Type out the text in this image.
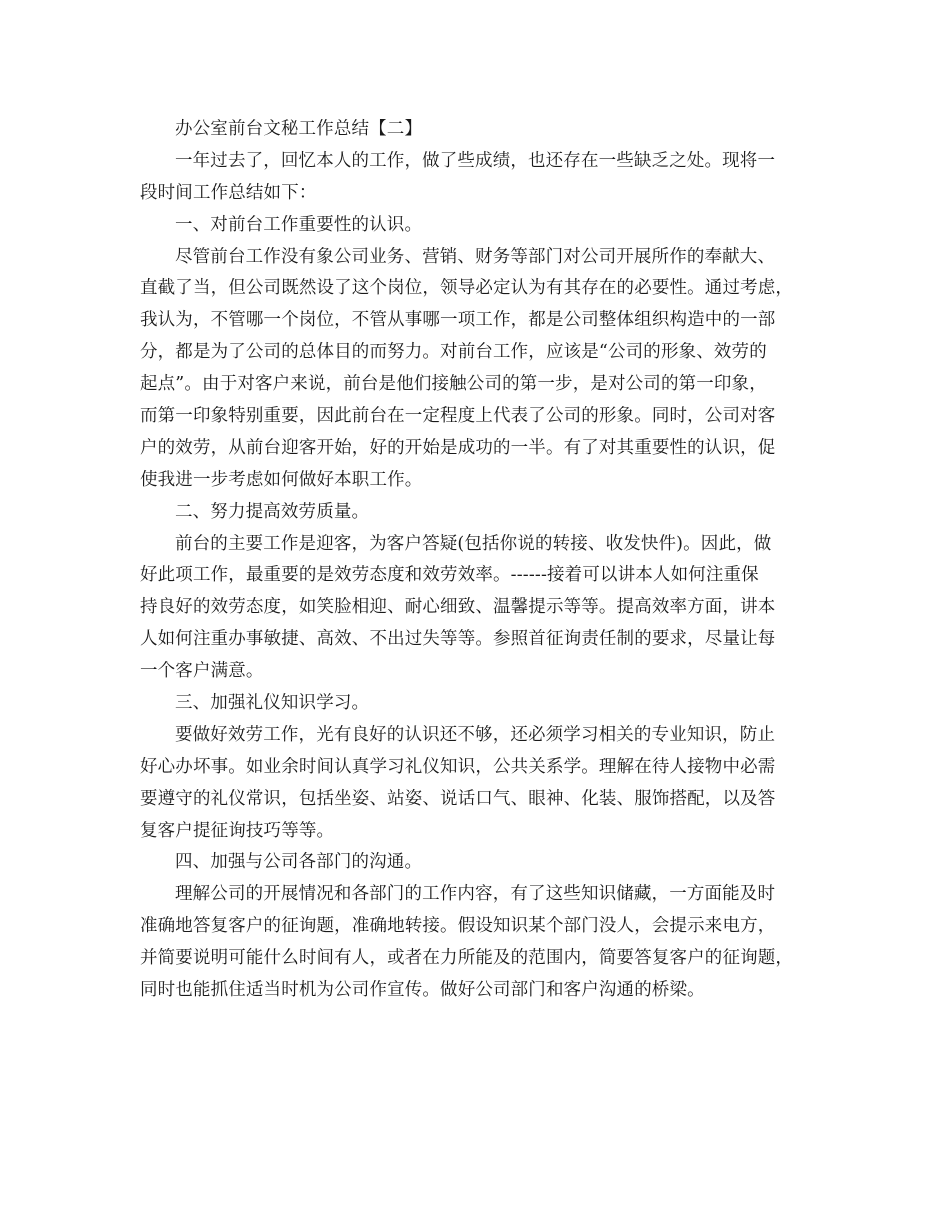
办公室前台文秘工作总结【二】
一年过去了，回忆本人的工作，做了些成绩，也还存在一些缺乏之处。现将一
段时间工作总结如下：
一、对前台工作重要性的认识。
尽管前台工作没有象公司业务、营销、财务等部门对公司开展所作的奉献大、
直截了当，但公司既然设了这个岗位，领导必定认为有其存在的必要性。通过考虑，
我认为，不管哪一个岗位，不管从事哪一项工作，都是公司整体组织构造中的一部
分，都是为了公司的总体目的而努力。对前台工作，应该是“公司的形象、效劳的
起点”。由于对客户来说，前台是他们接触公司的第一步，是对公司的第一印象，
而第一印象特别重要，因此前台在一定程度上代表了公司的形象。同时，公司对客
户的效劳，从前台迎客开始，好的开始是成功的一半。有了对其重要性的认识，促
使我进一步考虑如何做好本职工作。
二、努力提高效劳质量。
前台的主要工作是迎客，为客户答疑(包括你说的转接、收发快件)。因此，做
好此项工作，最重要的是效劳态度和效劳效率。------接着可以讲本人如何注重保
持良好的效劳态度，如笑脸相迎、耐心细致、温馨提示等等。提高效率方面，讲本
人如何注重办事敏捷、高效、不出过失等等。参照首征询责任制的要求，尽量让每
一个客户满意。
三、加强礼仪知识学习。
要做好效劳工作，光有良好的认识还不够，还必须学习相关的专业知识，防止
好心办坏事。如业余时间认真学习礼仪知识，公共关系学。理解在待人接物中必需
要遵守的礼仪常识，包括坐姿、站姿、说话口气、眼神、化装、服饰搭配，以及答
复客户提征询技巧等等。
四、加强与公司各部门的沟通。
理解公司的开展情况和各部门的工作内容，有了这些知识储藏，一方面能及时
准确地答复客户的征询题，准确地转接。假设知识某个部门没人，会提示来电方，
并简要说明可能什么时间有人，或者在力所能及的范围内，简要答复客户的征询题，
同时也能抓住适当时机为公司作宣传。做好公司部门和客户沟通的桥梁。
